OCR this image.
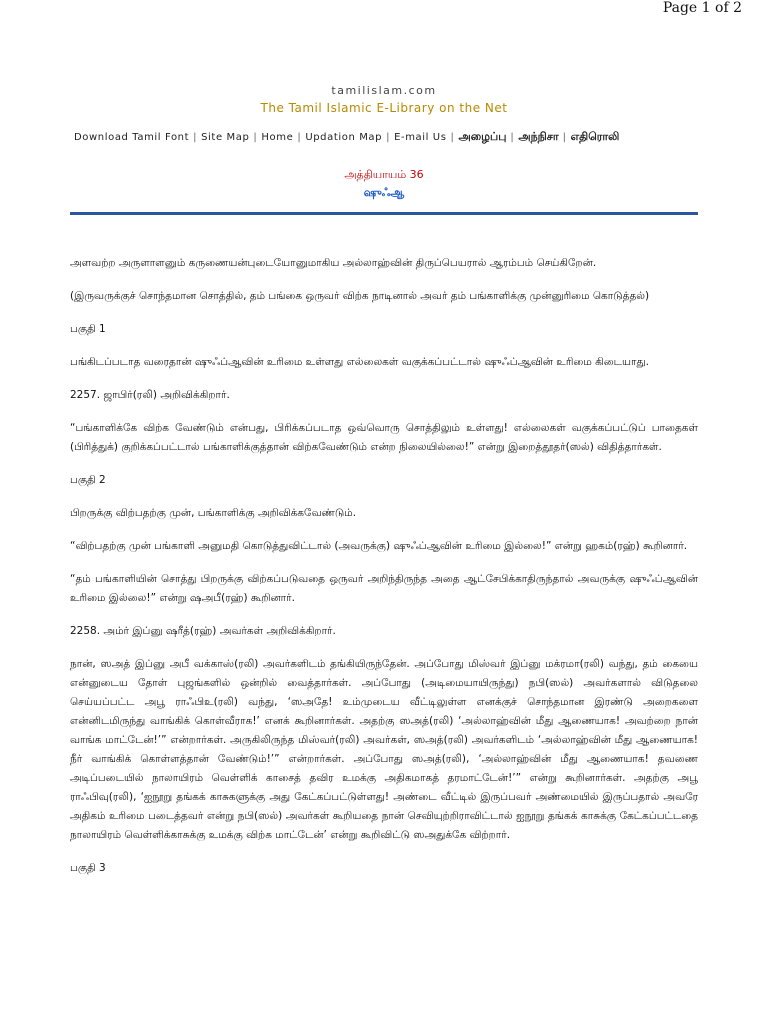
Page 1 of 2
tamilislam.com
The Tamil Islamic E-Library on the Net
Download Tamil Font | Site Map | Home | Updation Map | E-mail Us | அழைப்பு | அந்நிசா | எதிரொலி
அத்தியாயம் 36
ஷுஃஆ

அளவற்ற அருளாளனும் கருணையன்புடையோனுமாகிய அல்லாஹ்வின் திருப்பெயரால் ஆரம்பம் செய்கிறேன்.

(இருவருக்குச் சொந்தமான சொத்தில், தம் பங்கை ஒருவர் விற்க நாடினால் அவர் தம் பங்காளிக்கு முன்னுரிமை கொடுத்தல்)

பகுதி 1

பங்கிடப்படாத வரைதான் ஷுஃப்ஆவின் உரிமை உள்ளது எல்லைகள் வகுக்கப்பட்டால் ஷுஃப்ஆவின் உரிமை கிடையாது.

2257. ஜாபிர்(ரலி) அறிவிக்கிறார்.

“பங்காளிக்கே விற்க வேண்டும் என்பது, பிரிக்கப்படாத ஒவ்வொரு சொத்திலும் உள்ளது! எல்லைகள் வகுக்கப்பட்டுப் பாதைகள் (பிரித்துக்) குறிக்கப்பட்டால் பங்காளிக்குத்தான் விற்கவேண்டும் என்ற நிலையில்லை!” என்று இறைத்தூதர்(ஸல்) விதித்தார்கள்.

பகுதி 2

பிறருக்கு விற்பதற்கு முன், பங்காளிக்கு அறிவிக்கவேண்டும்.

“விற்பதற்கு முன் பங்காளி அனுமதி கொடுத்துவிட்டால் (அவருக்கு) ஷுஃப்ஆவின் உரிமை இல்லை!” என்று ஹகம்(ரஹ்) கூறினார்.

“தம் பங்காளியின் சொத்து பிறருக்கு விற்கப்படுவதை ஒருவர் அறிந்திருந்த அதை ஆட்சேபிக்காதிருந்தால் அவருக்கு ஷுஃப்ஆவின் உரிமை இல்லை!” என்று ஷஅபீ(ரஹ்) கூறினார்.

2258. அம்ர் இப்னு ஷரீத்(ரஹ்) அவர்கள் அறிவிக்கிறார்.

நான், ஸஅத் இப்னு அபீ வக்காஸ்(ரலி) அவர்களிடம் தங்கியிருந்தேன். அப்போது மிஸ்வர் இப்னு மக்ரமா(ரலி) வந்து, தம் கையை என்னுடைய தோள் புஜங்களில் ஒன்றில் வைத்தார்கள். அப்போது (அடிமையாயிருந்து) நபி(ஸல்) அவர்களால் விடுதலை செய்யப்பட்ட அபூ ராஃபிஉ(ரலி) வந்து, ‘ஸஅதே! உம்முடைய வீட்டிலுள்ள எனக்குச் சொந்தமான இரண்டு அறைகளை என்னிடமிருந்து வாங்கிக் கொள்வீராக!’ எனக் கூறினார்கள். அதற்கு ஸஅத்(ரலி) ‘அல்லாஹ்வின் மீது ஆணையாக! அவற்றை நான் வாங்க மாட்டேன்!’” என்றார்கள். அருகிலிருந்த மிஸ்வர்(ரலி) அவர்கள், ஸஅத்(ரலி) அவர்களிடம் ‘அல்லாஹ்வின் மீது ஆணையாக! நீர் வாங்கிக் கொள்ளத்தான் வேண்டும்!’” என்றார்கள். அப்போது ஸஅத்(ரலி), ‘அல்லாஹ்வின் மீது ஆணையாக! தவணை அடிப்படையில் நாலாயிரம் வெள்ளிக் காசைத் தவிர உமக்கு அதிகமாகத் தரமாட்டேன்!’” என்று கூறினார்கள். அதற்கு அபூ ராஃபிவு(ரலி), ‘ஐநூறு தங்கக் காசுகளுக்கு அது கேட்கப்பட்டுள்ளது! அண்டை வீட்டில் இருப்பவர் அண்மையில் இருப்பதால் அவரே அதிகம் உரிமை படைத்தவர் என்று நபி(ஸல்) அவர்கள் கூறியதை நான் செவியுற்றிராவிட்டால் ஐநூறு தங்கக் காசுக்கு கேட்கப்பட்டதை நாலாயிரம் வெள்ளிக்காசுக்கு உமக்கு விற்க மாட்டேன்’ என்று கூறிவிட்டு ஸஅதுக்கே விற்றார்.

பகுதி 3
